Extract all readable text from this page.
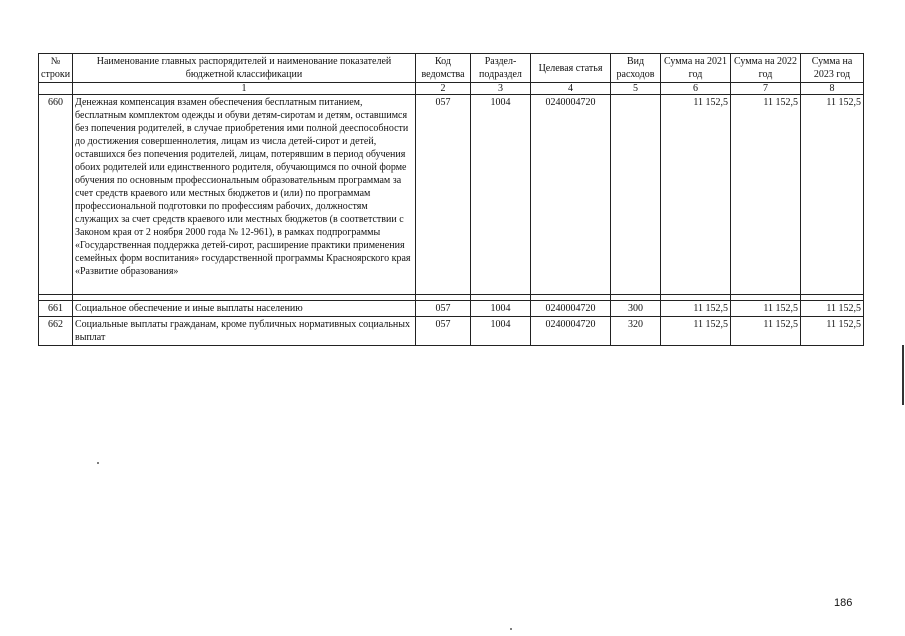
№ строки	Наименование главных распорядителей и наименование показателей бюджетной классификации	Код ведомства	Раздел-подраздел	Целевая статья	Вид расходов	Сумма на 2021 год	Сумма на 2022 год	Сумма на 2023 год
	1	2	3	4	5	6	7	8
660	Денежная компенсация взамен обеспечения бесплатным питанием, бесплатным комплектом одежды и обуви детям-сиротам и детям, оставшимся без попечения родителей, в случае приобретения ими полной дееспособности до достижения совершеннолетия, лицам из числа детей-сирот и детей, оставшихся без попечения родителей, лицам, потерявшим в период обучения обоих родителей или единственного родителя, обучающимся по очной форме обучения по основным профессиональным образовательным программам за счет средств краевого или местных бюджетов и (или) по программам профессиональной подготовки по профессиям рабочих, должностям служащих за счет средств краевого или местных бюджетов (в соответствии с Законом края от 2 ноября 2000 года № 12-961), в рамках подпрограммы «Государственная поддержка детей-сирот, расширение практики применения семейных форм воспитания» государственной программы Красноярского края «Развитие образования»	057	1004	0240004720		11 152,5	11 152,5	11 152,5

661	Социальное обеспечение и иные выплаты населению	057	1004	0240004720	300	11 152,5	11 152,5	11 152,5
662	Социальные выплаты гражданам, кроме публичных нормативных социальных выплат	057	1004	0240004720	320	11 152,5	11 152,5	11 152,5
186
